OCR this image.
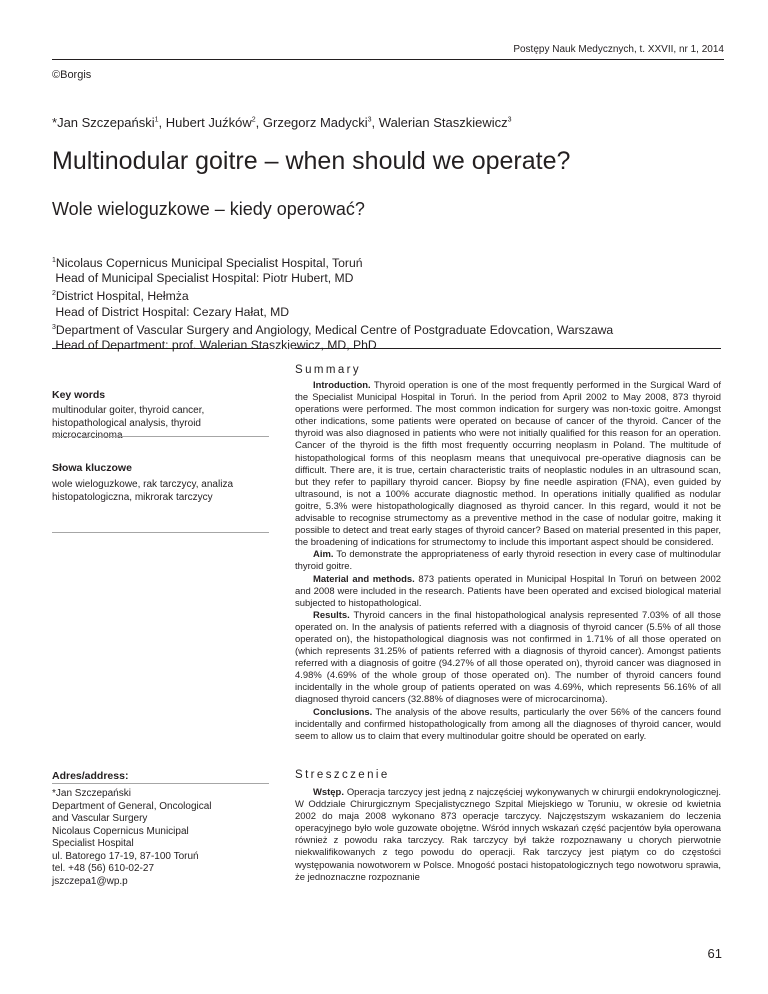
Postępy Nauk Medycznych, t. XXVII, nr 1, 2014
©Borgis
*Jan Szczepański$^1$, Hubert Juźków$^2$, Grzegorz Madycki$^3$, Walerian Staszkiewicz$^3$
Multinodular goitre – when should we operate?
Wole wieloguzkowe – kiedy operować?
$^1$Nicolaus Copernicus Municipal Specialist Hospital, Toruń
Head of Municipal Specialist Hospital: Piotr Hubert, MD
$^2$District Hospital, Hełmża
Head of District Hospital: Cezary Hałat, MD
$^3$Department of Vascular Surgery and Angiology, Medical Centre of Postgraduate Edovcation, Warszawa
Head of Department: prof. Walerian Staszkiewicz, MD, PhD
Key words
multinodular goiter, thyroid cancer, histopathological analysis, thyroid microcarcinoma
Słowa kluczowe
wole wieloguzkowe, rak tarczycy, analiza histopatologiczna, mikrorak tarczycy
Adres/address:
*Jan Szczepański
Department of General, Oncological
and Vascular Surgery
Nicolaus Copernicus Municipal
Specialist Hospital
ul. Batorego 17-19, 87-100 Toruń
tel. +48 (56) 610-02-27
jszczepa1@wp.p
Summary

Introduction. Thyroid operation is one of the most frequently performed in the Surgical Ward of the Specialist Municipal Hospital in Toruń. In the period from April 2002 to May 2008, 873 thyroid operations were performed. The most common indication for surgery was non-toxic goitre. Amongst other indications, some patients were operated on because of cancer of the thyroid. Cancer of the thyroid was also diagnosed in patients who were not initially qualified for this reason for an operation. Cancer of the thyroid is the fifth most frequently occurring neoplasm in Poland. The multitude of histopathological forms of this neoplasm means that unequivocal pre-operative diagnosis can be difficult. There are, it is true, certain characteristic traits of neoplastic nodules in an ultrasound scan, but they refer to papillary thyroid cancer. Biopsy by fine needle aspiration (FNA), even guided by ultrasound, is not a 100% accurate diagnostic method. In operations initially qualified as nodular goitre, 5.3% were histopathologically diagnosed as thyroid cancer. In this regard, would it not be advisable to recognise strumectomy as a preventive method in the case of nodular goitre, making it possible to detect and treat early stages of thyroid cancer? Based on material presented in this paper, the broadening of indications for strumectomy to include this important aspect should be considered.

Aim. To demonstrate the appropriateness of early thyroid resection in every case of multinodular thyroid goitre.

Material and methods. 873 patients operated in Municipal Hospital In Toruń on between 2002 and 2008 were included in the research. Patients have been operated and excised biological material subjected to histopathological.

Results. Thyroid cancers in the final histopathological analysis represented 7.03% of all those operated on. In the analysis of patients referred with a diagnosis of thyroid cancer (5.5% of all those operated on), the histopathological diagnosis was not confirmed in 1.71% of all those operated on (which represents 31.25% of patients referred with a diagnosis of thyroid cancer). Amongst patients referred with a diagnosis of goitre (94.27% of all those operated on), thyroid cancer was diagnosed in 4.98% (4.69% of the whole group of those operated on). The number of thyroid cancers found incidentally in the whole group of patients operated on was 4.69%, which represents 56.16% of all diagnosed thyroid cancers (32.88% of diagnoses were of microcarcinoma).

Conclusions. The analysis of the above results, particularly the over 56% of the cancers found incidentally and confirmed histopathologically from among all the diagnoses of thyroid cancer, would seem to allow us to claim that every multinodular goitre should be operated on early.

Streszczenie

Wstęp. Operacja tarczycy jest jedną z najczęściej wykonywanych w chirurgii endokrynologicznej. W Oddziale Chirurgicznym Specjalistycznego Szpital Miejskiego w Toruniu, w okresie od kwietnia 2002 do maja 2008 wykonano 873 operacje tarczycy. Najczęstszym wskazaniem do leczenia operacyjnego było wole guzowate obojętne. Wśród innych wskazań część pacjentów była operowana również z powodu raka tarczycy. Rak tarczycy był także rozpoznawany u chorych pierwotnie niekwalifikowanych z tego powodu do operacji. Rak tarczycy jest piątym co do częstości występowania nowotworem w Polsce. Mnogość postaci histopatologicznych tego nowotworu sprawia, że jednoznaczne rozpoznanie

61
